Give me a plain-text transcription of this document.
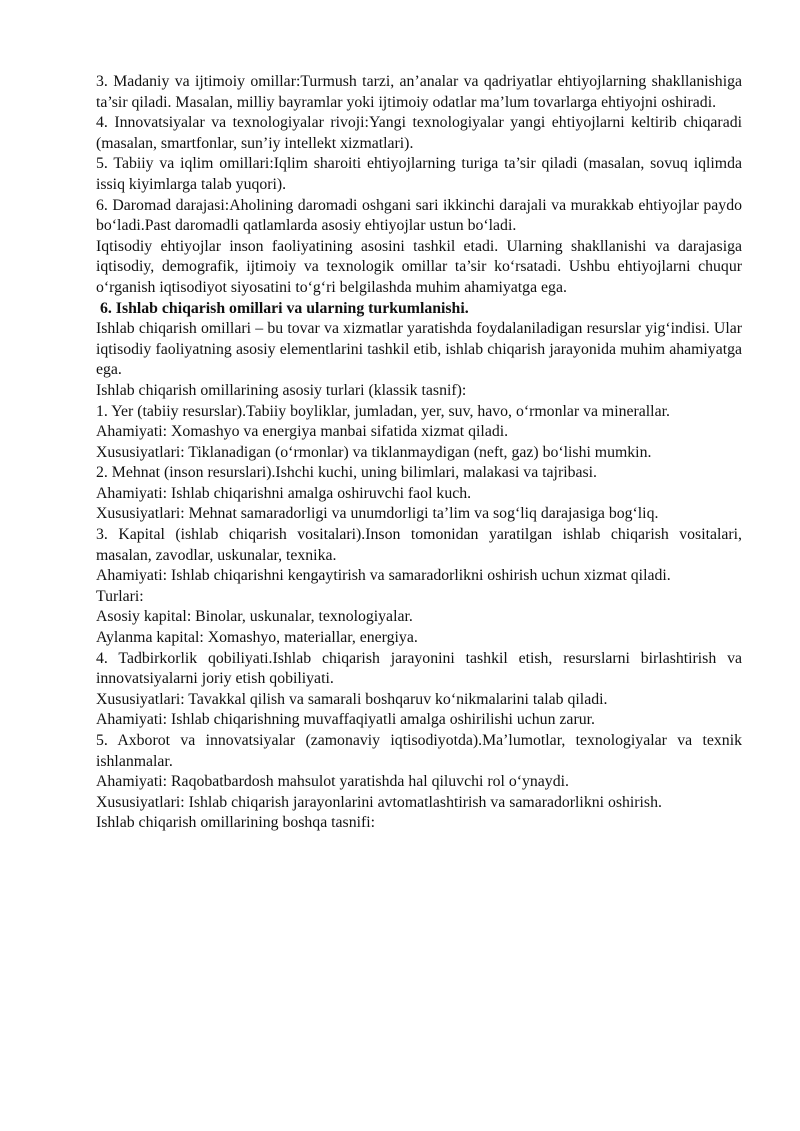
3. Madaniy va ijtimoiy omillar:Turmush tarzi, an’analar va qadriyatlar ehtiyojlarning shakllanishiga ta’sir qiladi. Masalan, milliy bayramlar yoki ijtimoiy odatlar ma’lum tovarlarga ehtiyojni oshiradi.

4. Innovatsiyalar va texnologiyalar rivoji:Yangi texnologiyalar yangi ehtiyojlarni keltirib chiqaradi (masalan, smartfonlar, sun’iy intellekt xizmatlari).

5. Tabiiy va iqlim omillari:Iqlim sharoiti ehtiyojlarning turiga ta’sir qiladi (masalan, sovuq iqlimda issiq kiyimlarga talab yuqori).

6. Daromad darajasi:Aholining daromadi oshgani sari ikkinchi darajali va murakkab ehtiyojlar paydo bo‘ladi.Past daromadli qatlamlarda asosiy ehtiyojlar ustun bo‘ladi.

Iqtisodiy ehtiyojlar inson faoliyatining asosini tashkil etadi. Ularning shakllanishi va darajasiga iqtisodiy, demografik, ijtimoiy va texnologik omillar ta’sir ko‘rsatadi. Ushbu ehtiyojlarni chuqur o‘rganish iqtisodiyot siyosatini to‘g‘ri belgilashda muhim ahamiyatga ega.

6. Ishlab chiqarish omillari va ularning turkumlanishi.

Ishlab chiqarish omillari – bu tovar va xizmatlar yaratishda foydalaniladigan resurslar yig‘indisi. Ular iqtisodiy faoliyatning asosiy elementlarini tashkil etib, ishlab chiqarish jarayonida muhim ahamiyatga ega.

Ishlab chiqarish omillarining asosiy turlari (klassik tasnif):

1. Yer (tabiiy resurslar).Tabiiy boyliklar, jumladan, yer, suv, havo, o‘rmonlar va minerallar.

Ahamiyati: Xomashyo va energiya manbai sifatida xizmat qiladi.

Xususiyatlari: Tiklanadigan (o‘rmonlar) va tiklanmaydigan (neft, gaz) bo‘lishi mumkin.

2. Mehnat (inson resurslari).Ishchi kuchi, uning bilimlari, malakasi va tajribasi.

Ahamiyati: Ishlab chiqarishni amalga oshiruvchi faol kuch.

Xususiyatlari: Mehnat samaradorligi va unumdorligi ta’lim va sog‘liq darajasiga bog‘liq.

3. Kapital (ishlab chiqarish vositalari).Inson tomonidan yaratilgan ishlab chiqarish vositalari, masalan, zavodlar, uskunalar, texnika.

Ahamiyati: Ishlab chiqarishni kengaytirish va samaradorlikni oshirish uchun xizmat qiladi.

Turlari:

Asosiy kapital: Binolar, uskunalar, texnologiyalar.

Aylanma kapital: Xomashyo, materiallar, energiya.

4. Tadbirkorlik qobiliyati.Ishlab chiqarish jarayonini tashkil etish, resurslarni birlashtirish va innovatsiyalarni joriy etish qobiliyati.

Xususiyatlari: Tavakkal qilish va samarali boshqaruv ko‘nikmalarini talab qiladi.

Ahamiyati: Ishlab chiqarishning muvaffaqiyatli amalga oshirilishi uchun zarur.

5. Axborot va innovatsiyalar (zamonaviy iqtisodiyotda).Ma’lumotlar, texnologiyalar va texnik ishlanmalar.

Ahamiyati: Raqobatbardosh mahsulot yaratishda hal qiluvchi rol o‘ynaydi.

Xususiyatlari: Ishlab chiqarish jarayonlarini avtomatlashtirish va samaradorlikni oshirish.

Ishlab chiqarish omillarining boshqa tasnifi:
